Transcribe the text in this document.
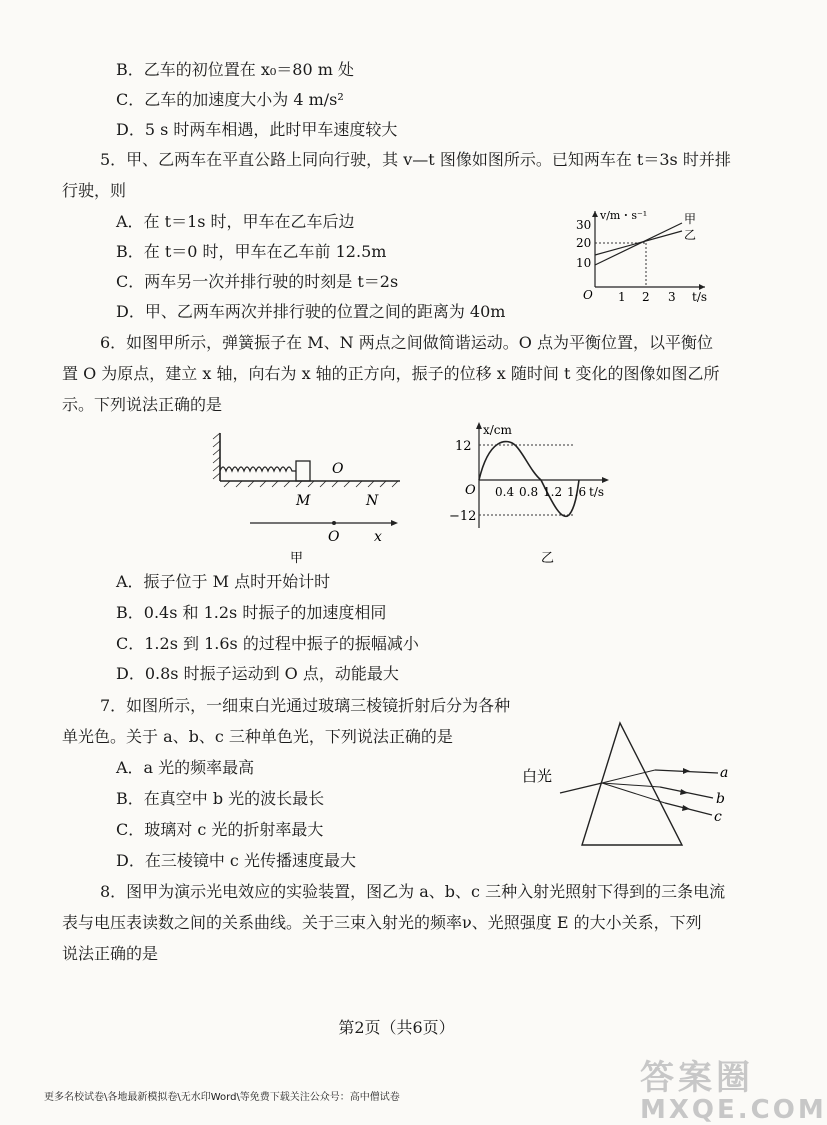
B．乙车的初位置在 x₀＝80 m 处
C．乙车的加速度大小为 4 m/s²
D．5 s 时两车相遇，此时甲车速度较大
5．甲、乙两车在平直公路上同向行驶，其 v—t 图像如图所示。已知两车在 t＝3s 时并排
行驶，则
A．在 t＝1s 时，甲车在乙车后边
B．在 t＝0 时，甲车在乙车前 12.5m
C．两车另一次并排行驶的时刻是 t＝2s
D．甲、乙两车两次并排行驶的位置之间的距离为 40m
v/m・s⁻¹
t/s
O
30
20
10
1 2 3
甲
乙
6．如图甲所示，弹簧振子在 M、N 两点之间做简谐运动。O 点为平衡位置，以平衡位
置 O 为原点，建立 x 轴，向右为 x 轴的正方向，振子的位移 x 随时间 t 变化的图像如图乙所
示。下列说法正确的是
O
M	N
O x
甲
x/cm
12
−12
O 0.4 0.8 1.2 1.6 t/s
乙
A．振子位于 M 点时开始计时
B．0.4s 和 1.2s 时振子的加速度相同
C．1.2s 到 1.6s 的过程中振子的振幅减小
D．0.8s 时振子运动到 O 点，动能最大
7．如图所示，一细束白光通过玻璃三棱镜折射后分为各种
单光色。关于 a、b、c 三种单色光，下列说法正确的是
A．a 光的频率最高
B．在真空中 b 光的波长最长
C．玻璃对 c 光的折射率最大
D．在三棱镜中 c 光传播速度最大
白光	a
b
c
8．图甲为演示光电效应的实验装置，图乙为 a、b、c 三种入射光照射下得到的三条电流
表与电压表读数之间的关系曲线。关于三束入射光的频率ν、光照强度 E 的大小关系，下列
说法正确的是
第2页（共6页）
更多名校试卷\各地最新模拟卷\无水印Word\等免费下载关注公众号：高中僧试卷	答案圈
MXQE.COM
